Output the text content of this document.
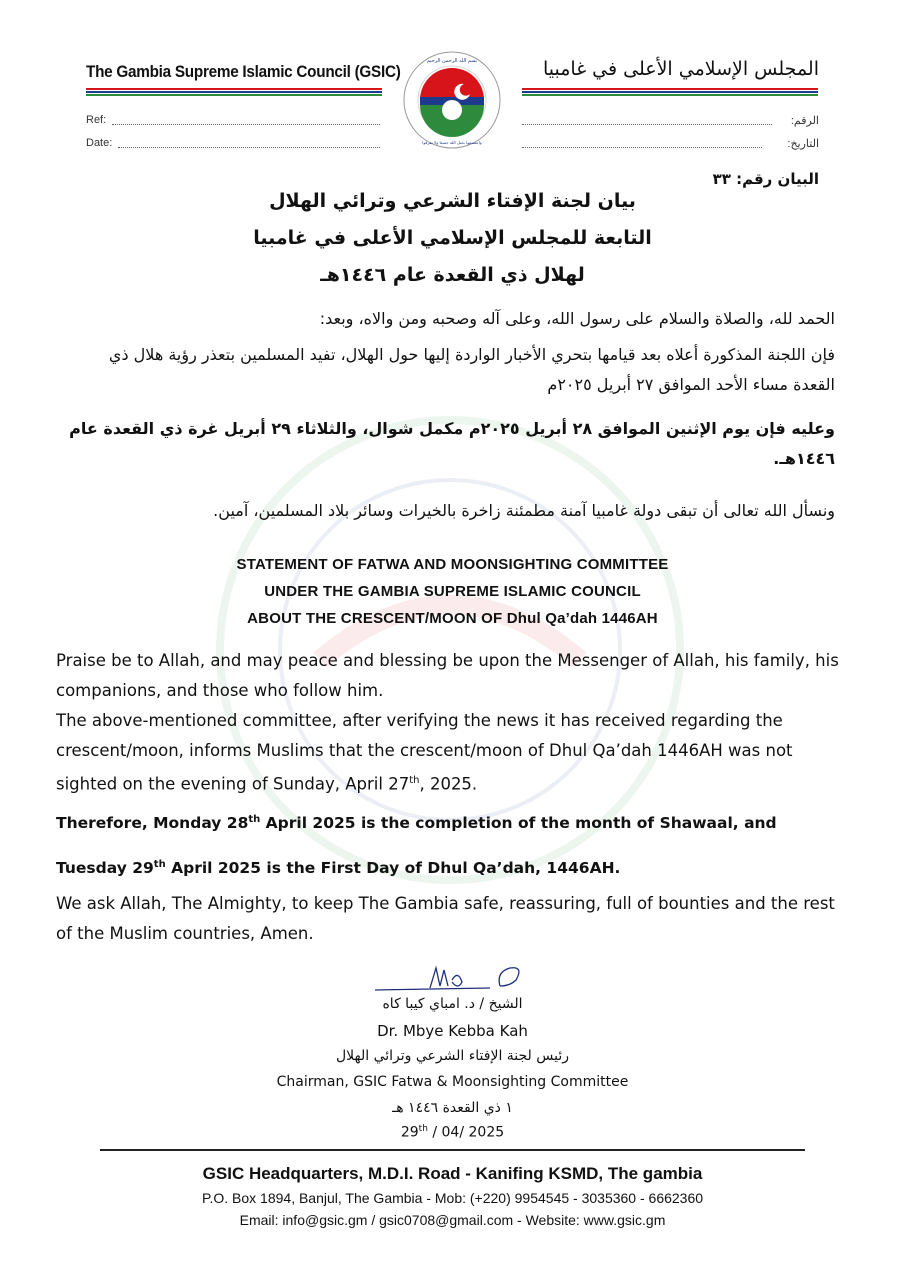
The Gambia Supreme Islamic Council (GSIC)	المجلس الإسلامي الأعلى في غامبيا
Ref:
Date:
الرقم:
التاريخ:
بسم الله الرحمن الرحيم
واعتصموا بحبل الله جميعا ولا تفرقوا
البيان رقم: ٣٣
بيان لجنة الإفتاء الشرعي وترائي الهلال
التابعة للمجلس الإسلامي الأعلى في غامبيا
لهلال ذي القعدة عام ١٤٤٦هـ
الحمد لله، والصلاة والسلام على رسول الله، وعلى آله وصحبه ومن والاه، وبعد:
فإن اللجنة المذكورة أعلاه بعد قيامها بتحري الأخبار الواردة إليها حول الهلال، تفيد المسلمين بتعذر رؤية هلال ذي القعدة مساء الأحد الموافق ٢٧ أبريل ٢٠٢٥م
وعليه فإن يوم الإثنين الموافق ٢٨ أبريل ٢٠٢٥م مكمل شوال، والثلاثاء ٢٩ أبريل غرة ذي القعدة عام ١٤٤٦هـ.
ونسأل الله تعالى أن تبقى دولة غامبيا آمنة مطمئنة زاخرة بالخيرات وسائر بلاد المسلمين، آمين.
STATEMENT OF FATWA AND MOONSIGHTING COMMITTEE
UNDER THE GAMBIA SUPREME ISLAMIC COUNCIL
ABOUT THE CRESCENT/MOON OF Dhul Qa’dah 1446AH
Praise be to Allah, and may peace and blessing be upon the Messenger of Allah, his family, his companions, and those who follow him.
The above-mentioned committee, after verifying the news it has received regarding the crescent/moon, informs Muslims that the crescent/moon of Dhul Qa’dah 1446AH was not sighted on the evening of Sunday, April 27th, 2025.
Therefore, Monday 28th April 2025 is the completion of the month of Shawaal, and
Tuesday 29th April 2025 is the First Day of Dhul Qa’dah, 1446AH.
We ask Allah, The Almighty, to keep The Gambia safe, reassuring, full of bounties and the rest of the Muslim countries, Amen.
الشيخ / د. امباي كيبا كاه
Dr. Mbye Kebba Kah
رئيس لجنة الإفتاء الشرعي وترائي الهلال
Chairman, GSIC Fatwa & Moonsighting Committee
١ ذي القعدة ١٤٤٦ هـ
29th / 04/ 2025
GSIC Headquarters, M.D.I. Road - Kanifing KSMD, The gambia
P.O. Box 1894, Banjul, The Gambia - Mob: (+220) 9954545 - 3035360 - 6662360
Email: info@gsic.gm / gsic0708@gmail.com - Website: www.gsic.gm
